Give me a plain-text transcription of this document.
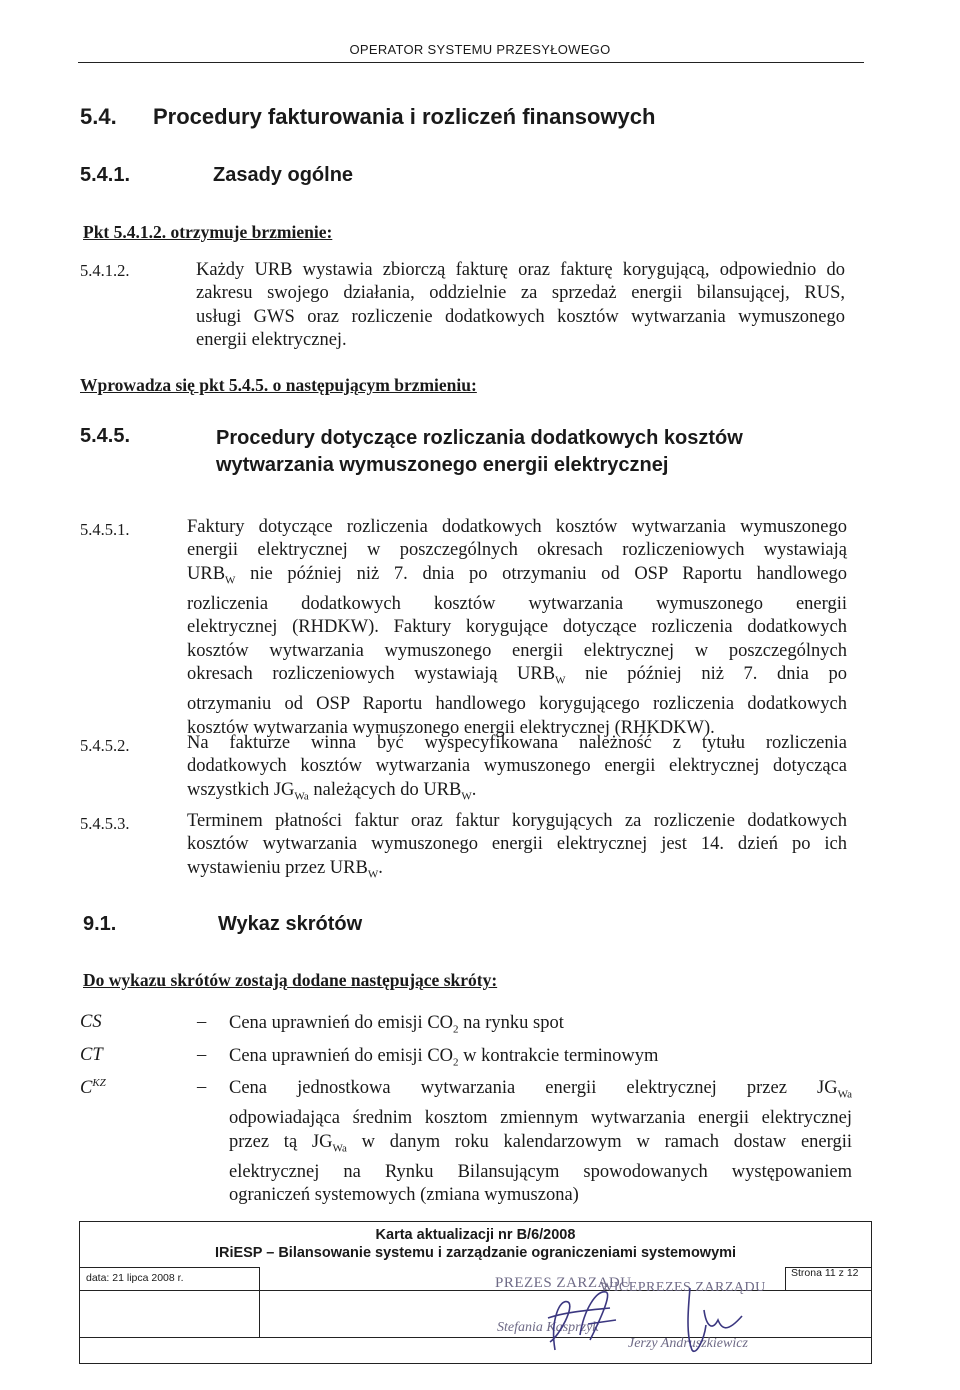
OPERATOR SYSTEMU PRZESYŁOWEGO
5.4. Procedury fakturowania i rozliczeń finansowych
5.4.1.	Zasady ogólne
Pkt 5.4.1.2. otrzymuje brzmienie:
5.4.1.2.	Każdy URB wystawia zbiorczą fakturę oraz fakturę korygującą, odpowiednio do
zakresu swojego działania, oddzielnie za sprzedaż energii bilansującej, RUS,
usługi GWS oraz rozliczenie dodatkowych kosztów wytwarzania wymuszonego
energii elektrycznej.
Wprowadza się pkt 5.4.5. o następującym brzmieniu:
5.4.5.	Procedury dotyczące rozliczania dodatkowych kosztów
wytwarzania wymuszonego energii elektrycznej
5.4.5.1.	Faktury dotyczące rozliczenia dodatkowych kosztów wytwarzania wymuszonego
energii elektrycznej w poszczególnych okresach rozliczeniowych wystawiają
$URB_W$ nie później niż 7. dnia po otrzymaniu od OSP Raportu handlowego
rozliczenia dodatkowych kosztów wytwarzania wymuszonego energii
elektrycznej (RHDKW). Faktury korygujące dotyczące rozliczenia dodatkowych
kosztów wytwarzania wymuszonego energii elektrycznej w poszczególnych
okresach rozliczeniowych wystawiają $URB_W$ nie później niż 7. dnia po
otrzymaniu od OSP Raportu handlowego korygującego rozliczenia dodatkowych
kosztów wytwarzania wymuszonego energii elektrycznej (RHKDKW).
5.4.5.2.	Na fakturze winna być wyspecyfikowana należność z tytułu rozliczenia
dodatkowych kosztów wytwarzania wymuszonego energii elektrycznej dotycząca
wszystkich $JG_{Wa}$ należących do $URB_W$.
5.4.5.3.	Terminem płatności faktur oraz faktur korygujących za rozliczenie dodatkowych
kosztów wytwarzania wymuszonego energii elektrycznej jest 14. dzień po ich
wystawieniu przez $URB_W$.
9.1.	Wykaz skrótów
Do wykazu skrótów zostają dodane następujące skróty:
CS	– Cena uprawnień do emisji $CO_2$ na rynku spot
CT	– Cena uprawnień do emisji $CO_2$ w kontrakcie terminowym
$C^{KZ}$	– Cena jednostkowa wytwarzania energii elektrycznej przez $JG_{Wa}$
odpowiadająca średnim kosztom zmiennym wytwarzania energii elektrycznej
przez tą $JG_{Wa}$ w danym roku kalendarzowym w ramach dostaw energii
elektrycznej na Rynku Bilansującym spowodowanych występowaniem
ograniczeń systemowych (zmiana wymuszona)
Karta aktualizacji nr B/6/2008
IRiESP – Bilansowanie systemu i zarządzanie ograniczeniami systemowymi
data: 21 lipca 2008 r.	Strona 11 z 12
PREZES ZARZĄDU
WICEPREZES ZARZĄDU
Stefania Kasprzyk
Jerzy Andruszkiewicz
